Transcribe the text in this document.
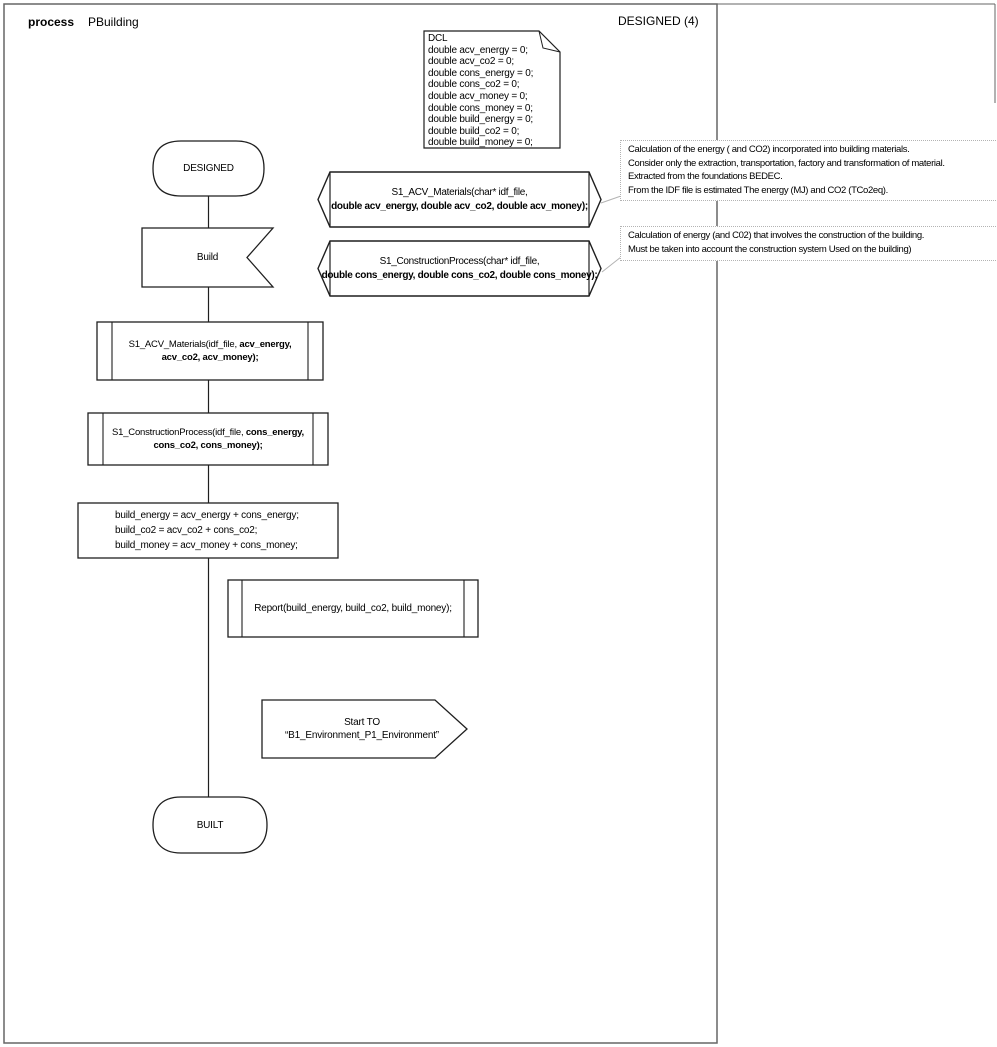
process PBuilding	DESIGNED (4)
DCL
double acv_energy = 0;
double acv_co2 = 0;
double cons_energy = 0;
double cons_co2 = 0;
double acv_money = 0;
double cons_money = 0;
double build_energy = 0;
double build_co2 = 0;
double build_money = 0;
DESIGNED
Build
S1_ACV_Materials(char* idf_file,
double acv_energy, double acv_co2, double acv_money);
S1_ConstructionProcess(char* idf_file,
double cons_energy, double cons_co2, double cons_money);
Calculation of the energy ( and CO2) incorporated into building materials.
Consider only the extraction, transportation, factory and transformation of material.
Extracted from the foundations BEDEC.
From the IDF file is estimated The energy (MJ) and CO2 (TCo2eq).
Calculation of energy (and C02) that involves the construction of the building.
Must be taken into account the construction system Used on the building)
S1_ACV_Materials(idf_file, acv_energy,
acv_co2, acv_money);
S1_ConstructionProcess(idf_file, cons_energy,
cons_co2, cons_money);
build_energy = acv_energy + cons_energy;
build_co2 = acv_co2 + cons_co2;
build_money = acv_money + cons_money;
Report(build_energy, build_co2, build_money);
Start TO
“B1_Environment_P1_Environment”
BUILT
